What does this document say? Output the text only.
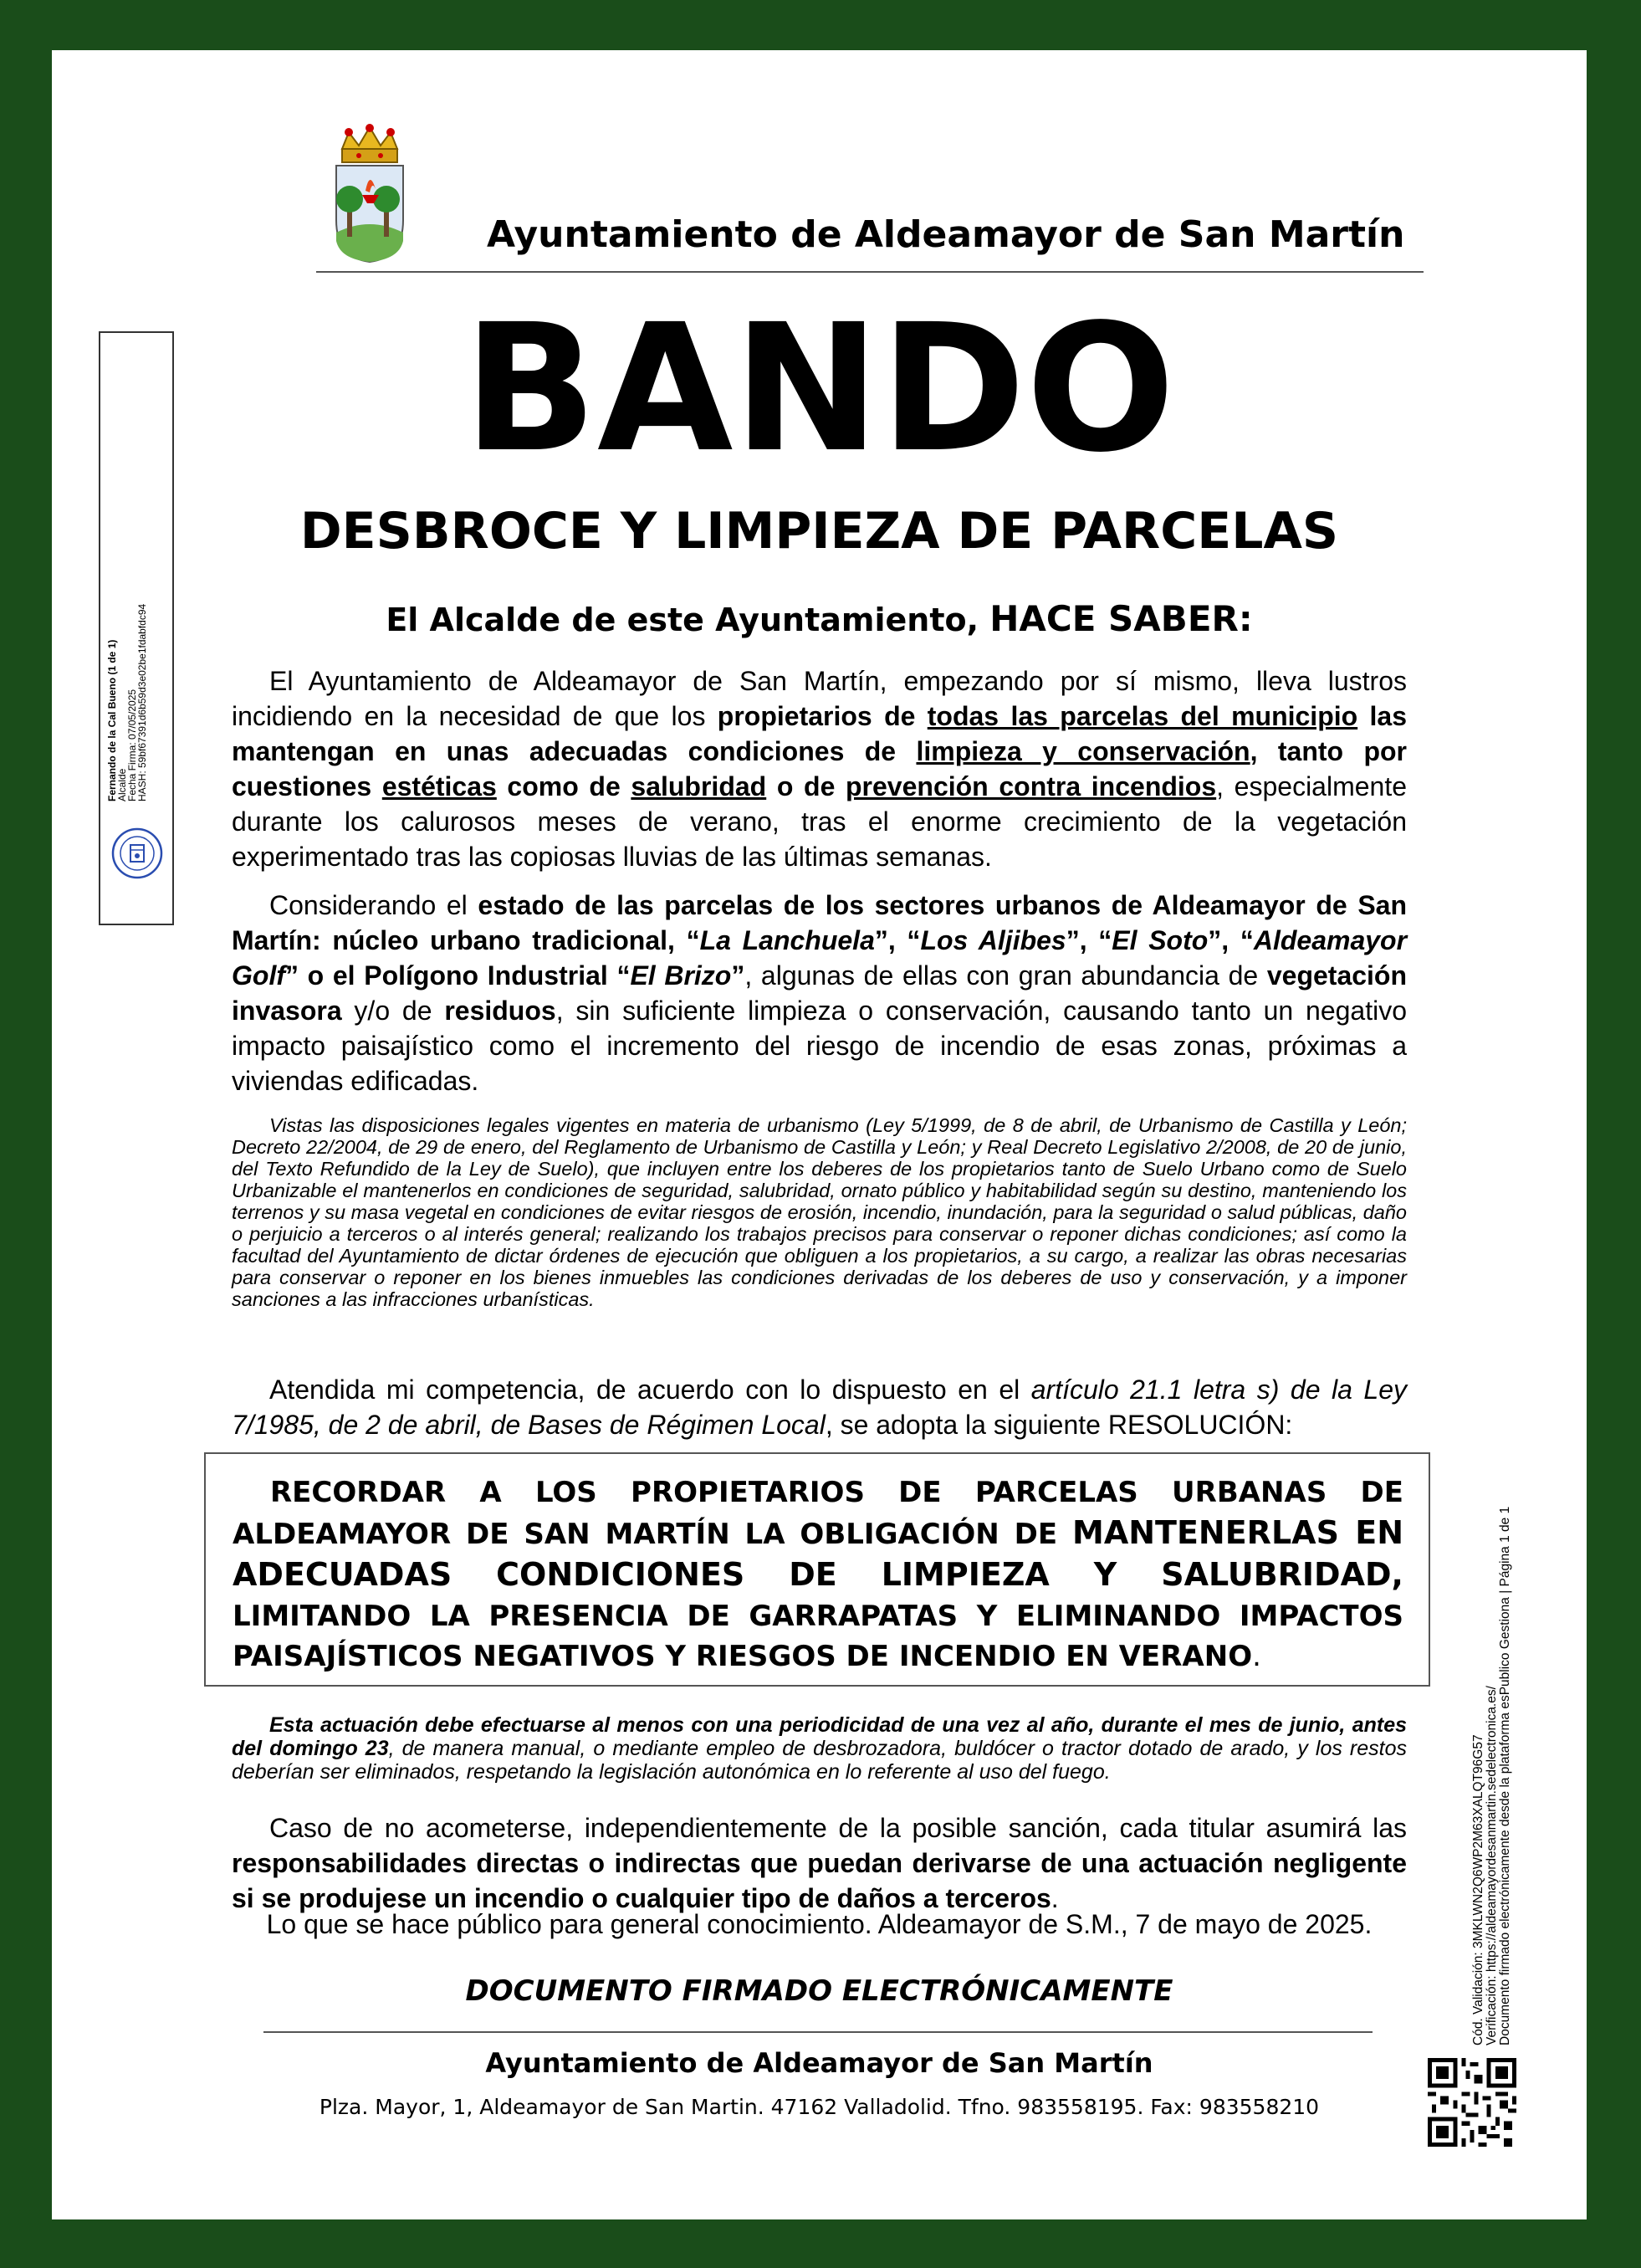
Ayuntamiento de Aldeamayor de San Martín
Fernando de la Cal Bueno (1 de 1)
Alcalde
Fecha Firma: 07/05/2025
HASH: 59bf67391d6b59d3e02be1fdabfdc94
BANDO
DESBROCE Y LIMPIEZA DE PARCELAS
El Alcalde de este Ayuntamiento, HACE SABER:

El Ayuntamiento de Aldeamayor de San Martín, empezando por sí mismo, lleva lustros incidiendo en la necesidad de que los propietarios de todas las parcelas del municipio las mantengan en unas adecuadas condiciones de limpieza y conservación, tanto por cuestiones estéticas como de salubridad o de prevención contra incendios, especialmente durante los calurosos meses de verano, tras el enorme crecimiento de la vegetación experimentado tras las copiosas lluvias de las últimas semanas.

Considerando el estado de las parcelas de los sectores urbanos de Aldeamayor de San Martín: núcleo urbano tradicional, “La Lanchuela”, “Los Aljibes”, “El Soto”, “Aldeamayor Golf” o el Polígono Industrial “El Brizo”, algunas de ellas con gran abundancia de vegetación invasora y/o de residuos, sin suficiente limpieza o conservación, causando tanto un negativo impacto paisajístico como el incremento del riesgo de incendio de esas zonas, próximas a viviendas edificadas.

Vistas las disposiciones legales vigentes en materia de urbanismo (Ley 5/1999, de 8 de abril, de Urbanismo de Castilla y León; Decreto 22/2004, de 29 de enero, del Reglamento de Urbanismo de Castilla y León; y Real Decreto Legislativo 2/2008, de 20 de junio, del Texto Refundido de la Ley de Suelo), que incluyen entre los deberes de los propietarios tanto de Suelo Urbano como de Suelo Urbanizable el mantenerlos en condiciones de seguridad, salubridad, ornato público y habitabilidad según su destino, manteniendo los terrenos y su masa vegetal en condiciones de evitar riesgos de erosión, incendio, inundación, para la seguridad o salud públicas, daño o perjuicio a terceros o al interés general; realizando los trabajos precisos para conservar o reponer dichas condiciones; así como la facultad del Ayuntamiento de dictar órdenes de ejecución que obliguen a los propietarios, a su cargo, a realizar las obras necesarias para conservar o reponer en los bienes inmuebles las condiciones derivadas de los deberes de uso y conservación, y a imponer sanciones a las infracciones urbanísticas.

Atendida mi competencia, de acuerdo con lo dispuesto en el artículo 21.1 letra s) de la Ley 7/1985, de 2 de abril, de Bases de Régimen Local, se adopta la siguiente RESOLUCIÓN:

RECORDAR A LOS PROPIETARIOS DE PARCELAS URBANAS DE ALDEAMAYOR DE SAN MARTÍN LA OBLIGACIÓN DE MANTENERLAS EN ADECUADAS CONDICIONES DE LIMPIEZA Y SALUBRIDAD, LIMITANDO LA PRESENCIA DE GARRAPATAS Y ELIMINANDO IMPACTOS PAISAJÍSTICOS NEGATIVOS Y RIESGOS DE INCENDIO EN VERANO.

Esta actuación debe efectuarse al menos con una periodicidad de una vez al año, durante el mes de junio, antes del domingo 23, de manera manual, o mediante empleo de desbrozadora, buldócer o tractor dotado de arado, y los restos deberían ser eliminados, respetando la legislación autonómica en lo referente al uso del fuego.

Caso de no acometerse, independientemente de la posible sanción, cada titular asumirá las responsabilidades directas o indirectas que puedan derivarse de una actuación negligente si se produjese un incendio o cualquier tipo de daños a terceros.

Lo que se hace público para general conocimiento. Aldeamayor de S.M., 7 de mayo de 2025.
DOCUMENTO FIRMADO ELECTRÓNICAMENTE
Ayuntamiento de Aldeamayor de San Martín
Plza. Mayor, 1, Aldeamayor de San Martin. 47162 Valladolid. Tfno. 983558195. Fax: 983558210
Cód. Validación: 3MKLWN2Q6WP2M63XALQT96G57 Verificación: https://aldeamayordesanmartin.sedelectronica.es/ Documento firmado electrónicamente desde la plataforma esPublico Gestiona | Página 1 de 1
